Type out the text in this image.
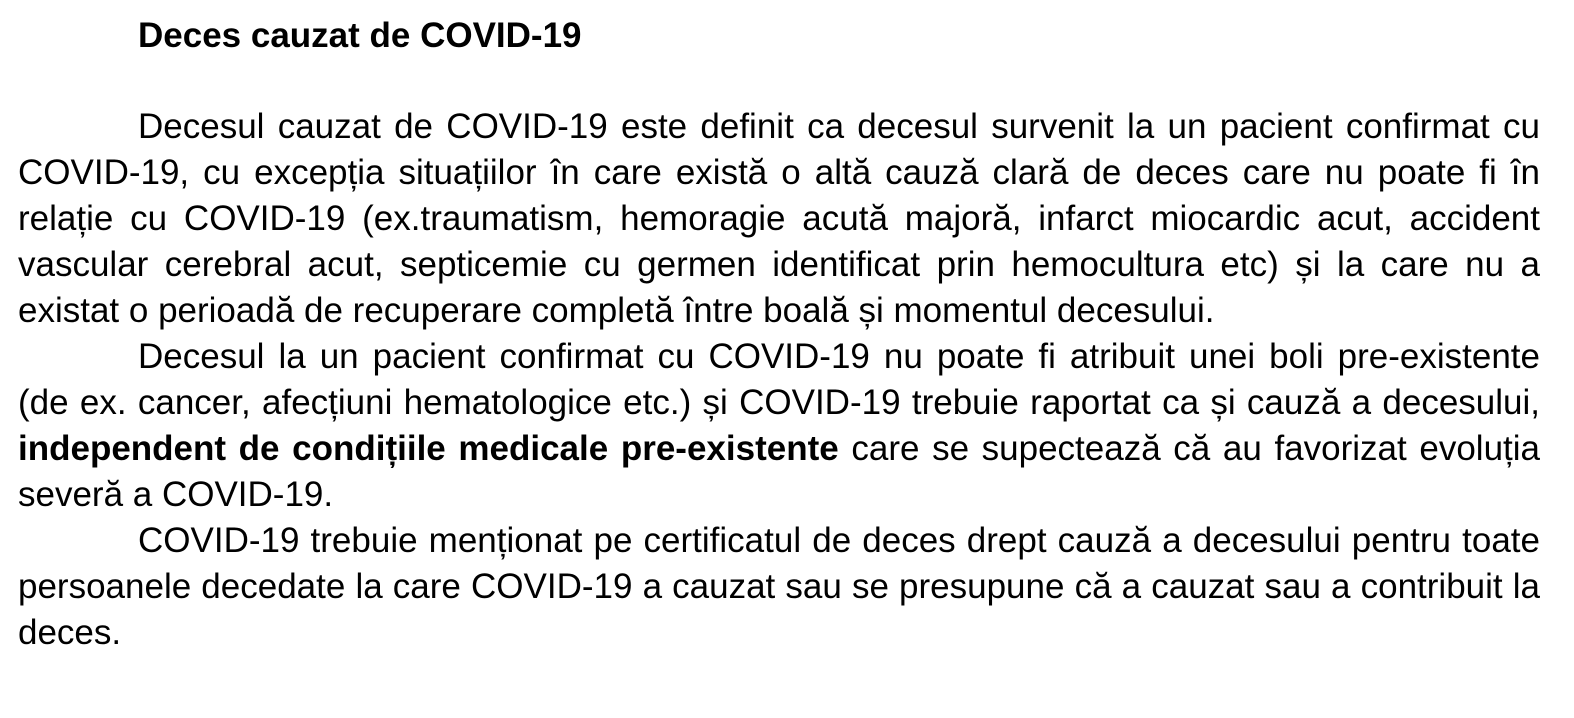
Deces cauzat de COVID-19

Decesul cauzat de COVID-19 este definit ca decesul survenit la un pacient confirmat cu COVID-19, cu excepția situațiilor în care există o altă cauză clară de deces care nu poate fi în relație cu COVID-19 (ex.traumatism, hemoragie acută majoră, infarct miocardic acut, accident vascular cerebral acut, septicemie cu germen identificat prin hemocultura etc) și la care nu a existat o perioadă de recuperare completă între boală și momentul decesului.

Decesul la un pacient confirmat cu COVID-19 nu poate fi atribuit unei boli pre-existente (de ex. cancer, afecțiuni hematologice etc.) și COVID-19 trebuie raportat ca și cauză a decesului, independent de condițiile medicale pre-existente care se supectează că au favorizat evoluția severă a COVID-19.

COVID-19 trebuie menționat pe certificatul de deces drept cauză a decesului pentru toate persoanele decedate la care COVID-19 a cauzat sau se presupune că a cauzat sau a contribuit la deces.
